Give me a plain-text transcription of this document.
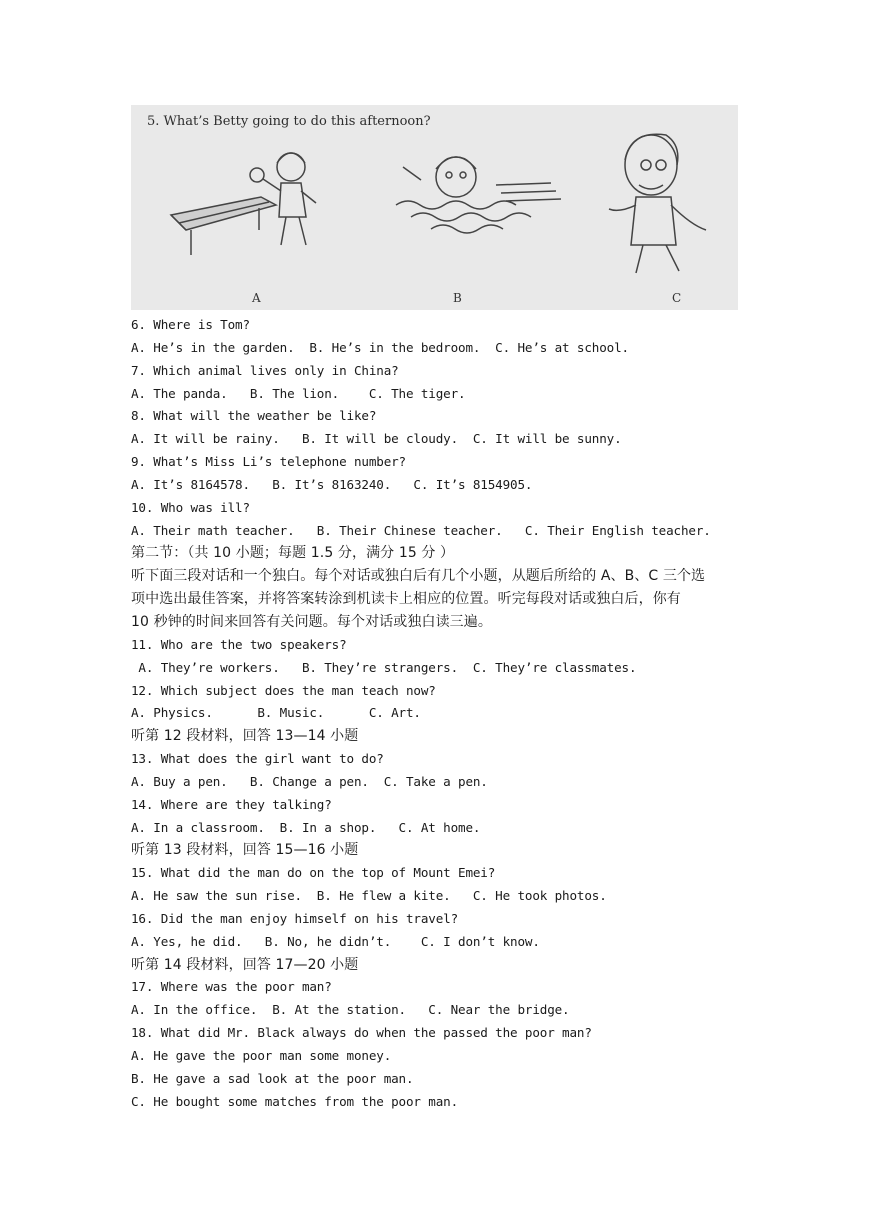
5. What’s Betty going to do this afternoon?
A	B	C
6. Where is Tom?
A. He’s in the garden.  B. He’s in the bedroom.  C. He’s at school.
7. Which animal lives only in China?
A. The panda.   B. The lion.    C. The tiger.
8. What will the weather be like?
A. It will be rainy.   B. It will be cloudy.  C. It will be sunny.
9. What’s Miss Li’s telephone number?
A. It’s 8164578.   B. It’s 8163240.   C. It’s 8154905.
10. Who was ill?
A. Their math teacher.   B. Their Chinese teacher.   C. Their English teacher.
第二节：（共 10 小题；每题 1.5 分，满分 15 分 ）
听下面三段对话和一个独白。每个对话或独白后有几个小题，从题后所给的 A、B、C 三个选
项中选出最佳答案，并将答案转涂到机读卡上相应的位置。听完每段对话或独白后，你有
10 秒钟的时间来回答有关问题。每个对话或独白读三遍。
11. Who are the two speakers?
A. They’re workers.   B. They’re strangers.  C. They’re classmates.
12. Which subject does the man teach now?
A. Physics.      B. Music.      C. Art.
听第 12 段材料，回答 13—14 小题
13. What does the girl want to do?
A. Buy a pen.   B. Change a pen.  C. Take a pen.
14. Where are they talking?
A. In a classroom.  B. In a shop.   C. At home.
听第 13 段材料，回答 15—16 小题
15. What did the man do on the top of Mount Emei?
A. He saw the sun rise.  B. He flew a kite.   C. He took photos.
16. Did the man enjoy himself on his travel?
A. Yes, he did.   B. No, he didn’t.    C. I don’t know.
听第 14 段材料，回答 17—20 小题
17. Where was the poor man?
A. In the office.  B. At the station.   C. Near the bridge.
18. What did Mr. Black always do when the passed the poor man?
A. He gave the poor man some money.
B. He gave a sad look at the poor man.
C. He bought some matches from the poor man.
